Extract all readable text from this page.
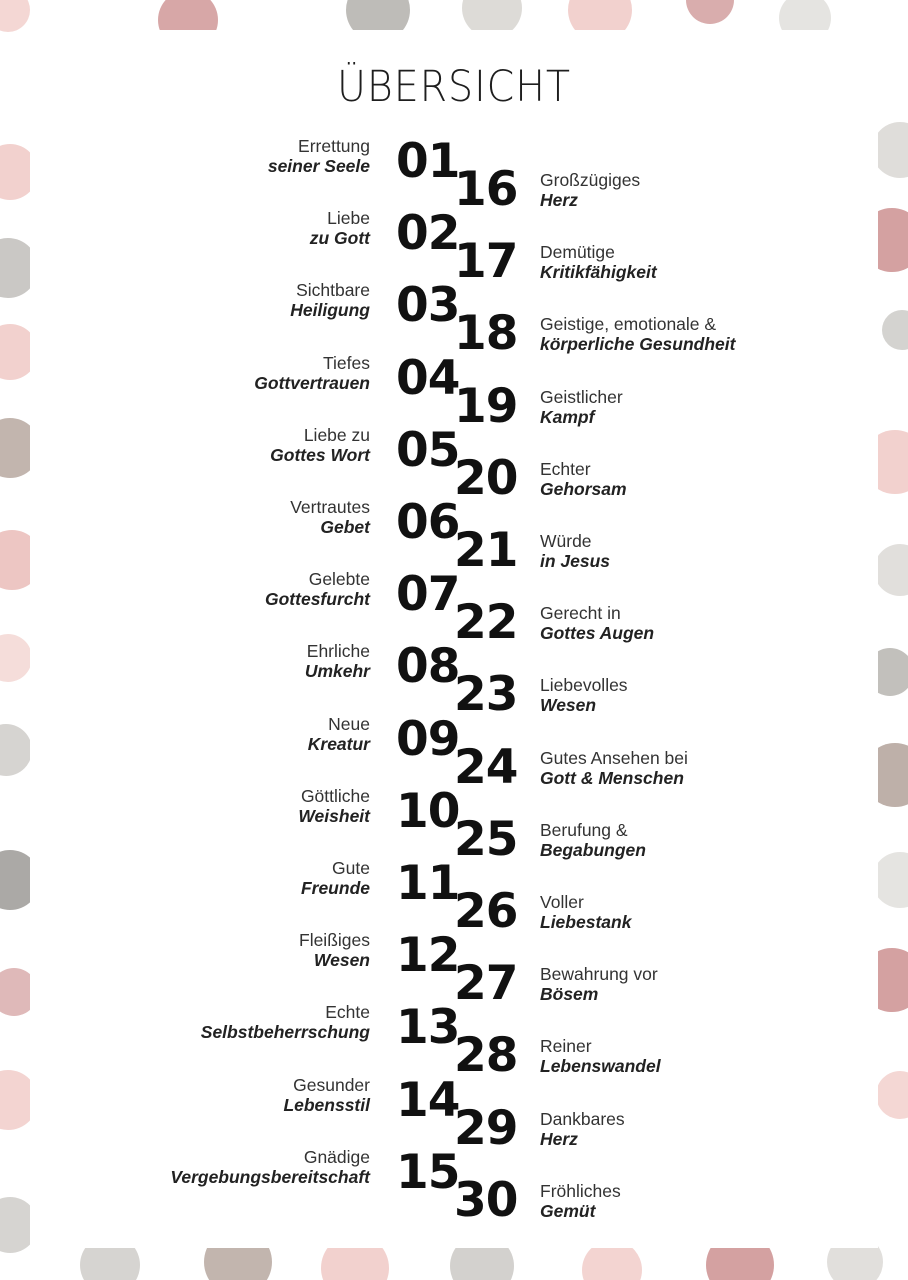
ÜBERSICHT
Errettung
seiner Seele 01
Liebe
zu Gott 02
Sichtbare
Heiligung 03
Tiefes
Gottvertrauen 04
Liebe zu
Gottes Wort 05
Vertrautes
Gebet 06
Gelebte
Gottesfurcht 07
Ehrliche
Umkehr 08
Neue
Kreatur 09
Göttliche
Weisheit 10
Gute
Freunde 11
Fleißiges
Wesen 12
Echte
Selbstbeherrschung 13
Gesunder
Lebensstil 14
Gnädige
Vergebungsbereitschaft 15
Großzügiges
Herz
16
Demütige
Kritikfähigkeit
17
Geistige, emotionale &
körperliche Gesundheit
18
Geistlicher
Kampf
19
Echter
Gehorsam
20
Würde
in Jesus
21
Gerecht in
Gottes Augen
22
Liebevolles
Wesen
23
Gutes Ansehen bei
Gott & Menschen
24
Berufung &
Begabungen
25
Voller
Liebestank
26
Bewahrung vor
Bösem
27
Reiner
Lebenswandel
28
Dankbares
Herz
29
Fröhliches
Gemüt
30
